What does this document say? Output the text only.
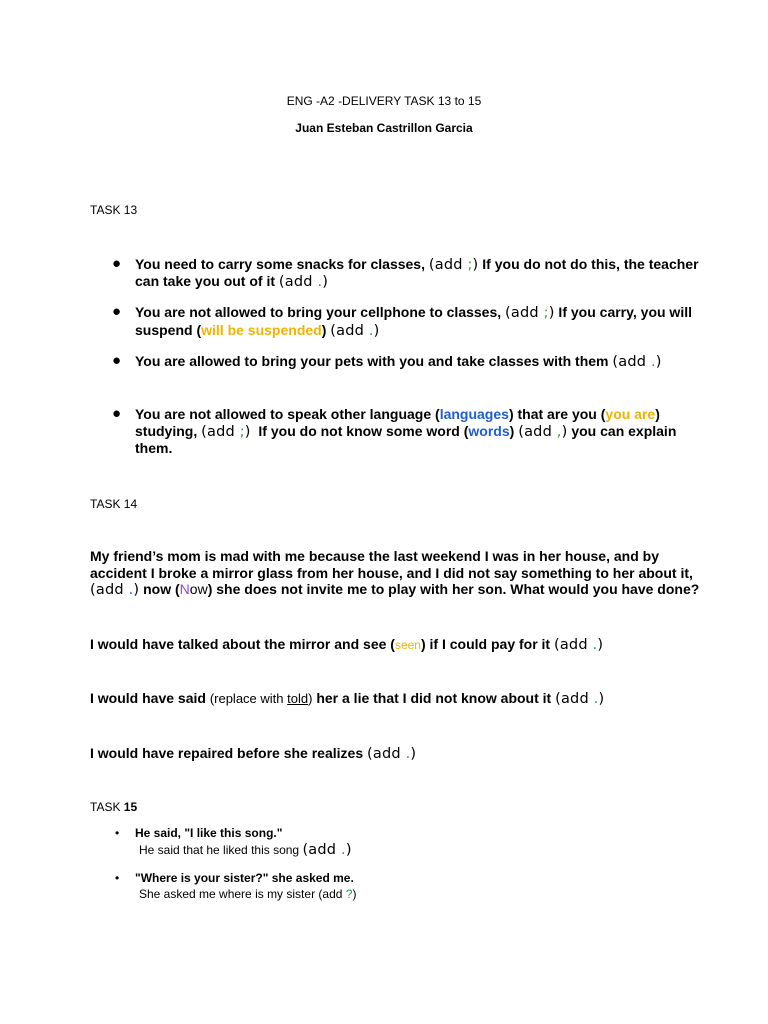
ENG -A2 -DELIVERY TASK 13 to 15
Juan Esteban Castrillon Garcia
TASK 13
● You need to carry some snacks for classes, (add ;) If you do not do this, the teacher
can take you out of it (add .)
● You are not allowed to bring your cellphone to classes, (add ;) If you carry, you will
suspend (will be suspended) (add .)
● You are allowed to bring your pets with you and take classes with them (add .)
● You are not allowed to speak other language (languages) that are you (you are)
studying, (add ;)  If you do not know some word (words) (add ,) you can explain
them.
TASK 14
My friend’s mom is mad with me because the last weekend I was in her house, and by
accident I broke a mirror glass from her house, and I did not say something to her about it,
(add .) now (Now) she does not invite me to play with her son. What would you have done?
I would have talked about the mirror and see (seen) if I could pay for it (add .)
I would have said (replace with told) her a lie that I did not know about it (add .)
I would have repaired before she realizes (add .)
TASK 15
• He said, "I like this song."
He said that he liked this song (add .)
• "Where is your sister?" she asked me.
She asked me where is my sister (add ?)
